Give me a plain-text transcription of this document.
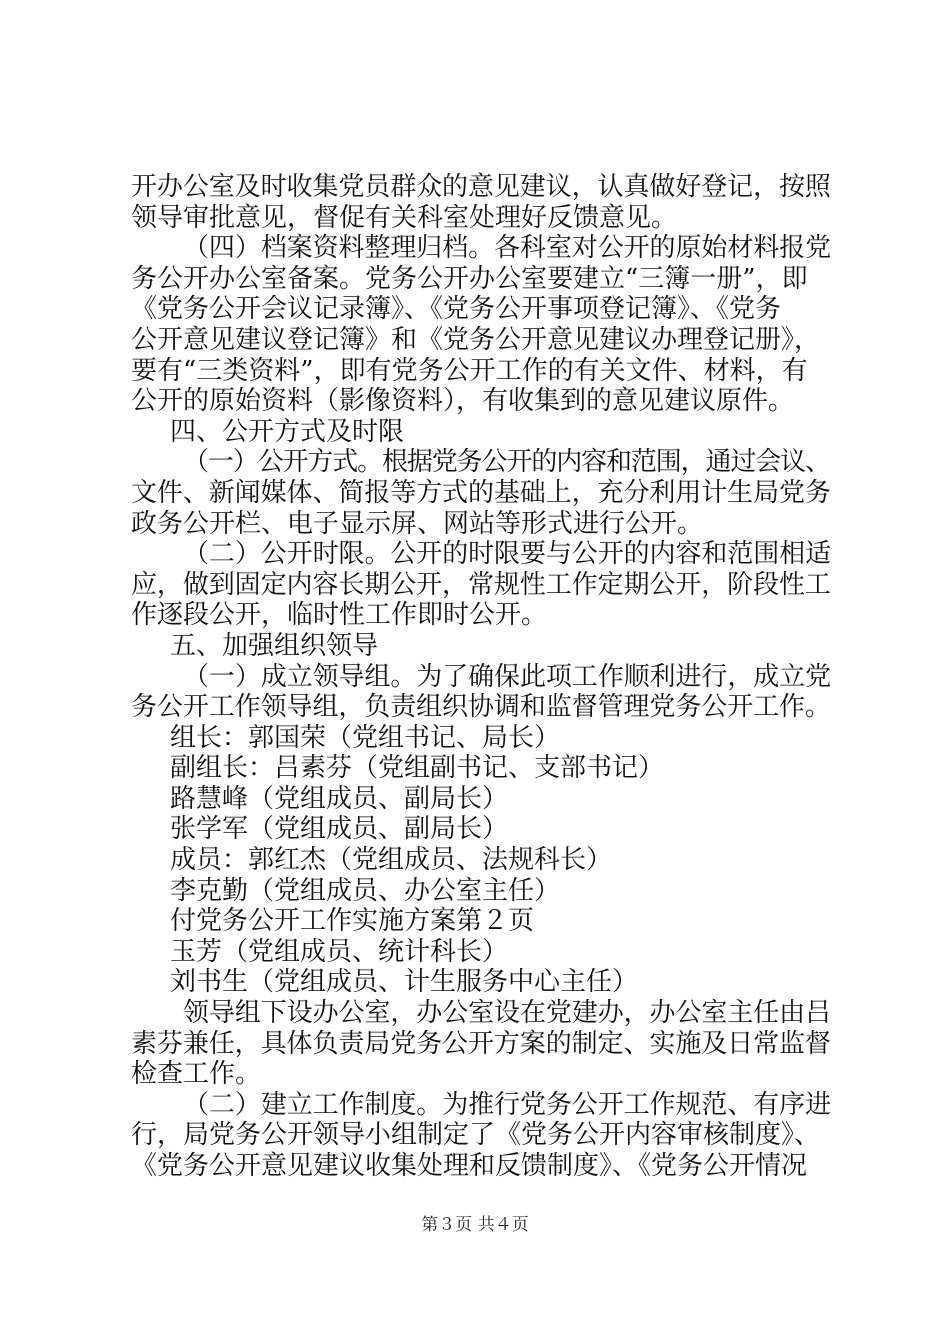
开办公室及时收集党员群众的意见建议，认真做好登记，按照
领导审批意见，督促有关科室处理好反馈意见。
（四）档案资料整理归档。各科室对公开的原始材料报党
务公开办公室备案。党务公开办公室要建立“三簿一册”，即
《党务公开会议记录簿》、《党务公开事项登记簿》、《党务
公开意见建议登记簿》和《党务公开意见建议办理登记册》，
要有“三类资料”，即有党务公开工作的有关文件、材料，有
公开的原始资料（影像资料），有收集到的意见建议原件。
四、公开方式及时限
（一）公开方式。根据党务公开的内容和范围，通过会议、
文件、新闻媒体、简报等方式的基础上，充分利用计生局党务
政务公开栏、电子显示屏、网站等形式进行公开。
（二）公开时限。公开的时限要与公开的内容和范围相适
应，做到固定内容长期公开，常规性工作定期公开，阶段性工
作逐段公开，临时性工作即时公开。
五、加强组织领导
（一）成立领导组。为了确保此项工作顺利进行，成立党
务公开工作领导组，负责组织协调和监督管理党务公开工作。
组长：郭国荣（党组书记、局长）
副组长：吕素芬（党组副书记、支部书记）
路慧峰（党组成员、副局长）
张学军（党组成员、副局长）
成员：郭红杰（党组成员、法规科长）
李克勤（党组成员、办公室主任）
付党务公开工作实施方案第２页
玉芳（党组成员、统计科长）
刘书生（党组成员、计生服务中心主任）
领导组下设办公室，办公室设在党建办，办公室主任由吕
素芬兼任，具体负责局党务公开方案的制定、实施及日常监督
检查工作。
（二）建立工作制度。为推行党务公开工作规范、有序进
行，局党务公开领导小组制定了《党务公开内容审核制度》、
《党务公开意见建议收集处理和反馈制度》、《党务公开情况
第３页 共４页
